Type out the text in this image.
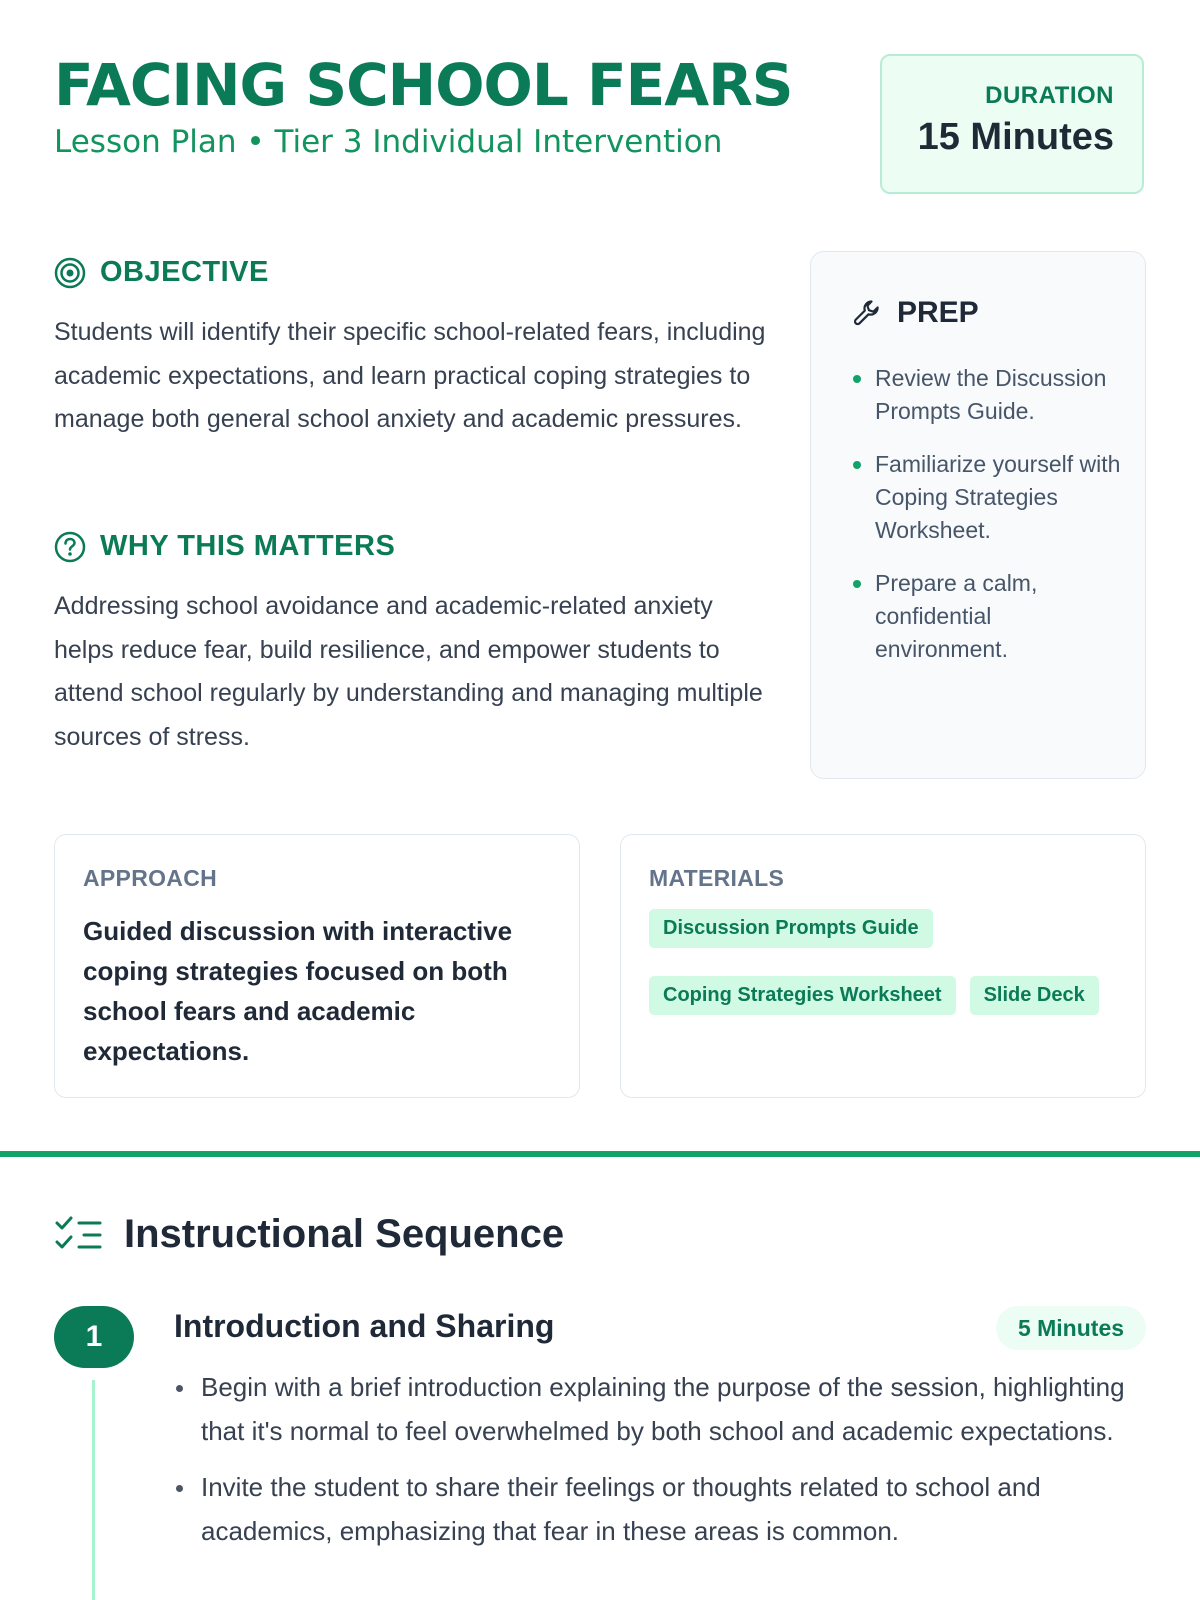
FACING SCHOOL FEARS
Lesson Plan • Tier 3 Individual Intervention
DURATION
15 Minutes
OBJECTIVE

Students will identify their specific school-related fears, including academic expectations, and learn practical coping strategies to manage both general school anxiety and academic pressures.

WHY THIS MATTERS

Addressing school avoidance and academic-related anxiety helps reduce fear, build resilience, and empower students to attend school regularly by understanding and managing multiple sources of stress.

PREP
Review the Discussion Prompts Guide.
Familiarize yourself with Coping Strategies Worksheet.
Prepare a calm, confidential environment.
APPROACH

Guided discussion with interactive coping strategies focused on both school fears and academic expectations.

MATERIALS
Discussion Prompts Guide
Coping Strategies Worksheet	Slide Deck
Instructional Sequence
1	Introduction and Sharing	5 Minutes
Begin with a brief introduction explaining the purpose of the session, highlighting that it's normal to feel overwhelmed by both school and academic expectations.
Invite the student to share their feelings or thoughts related to school and academics, emphasizing that fear in these areas is common.
